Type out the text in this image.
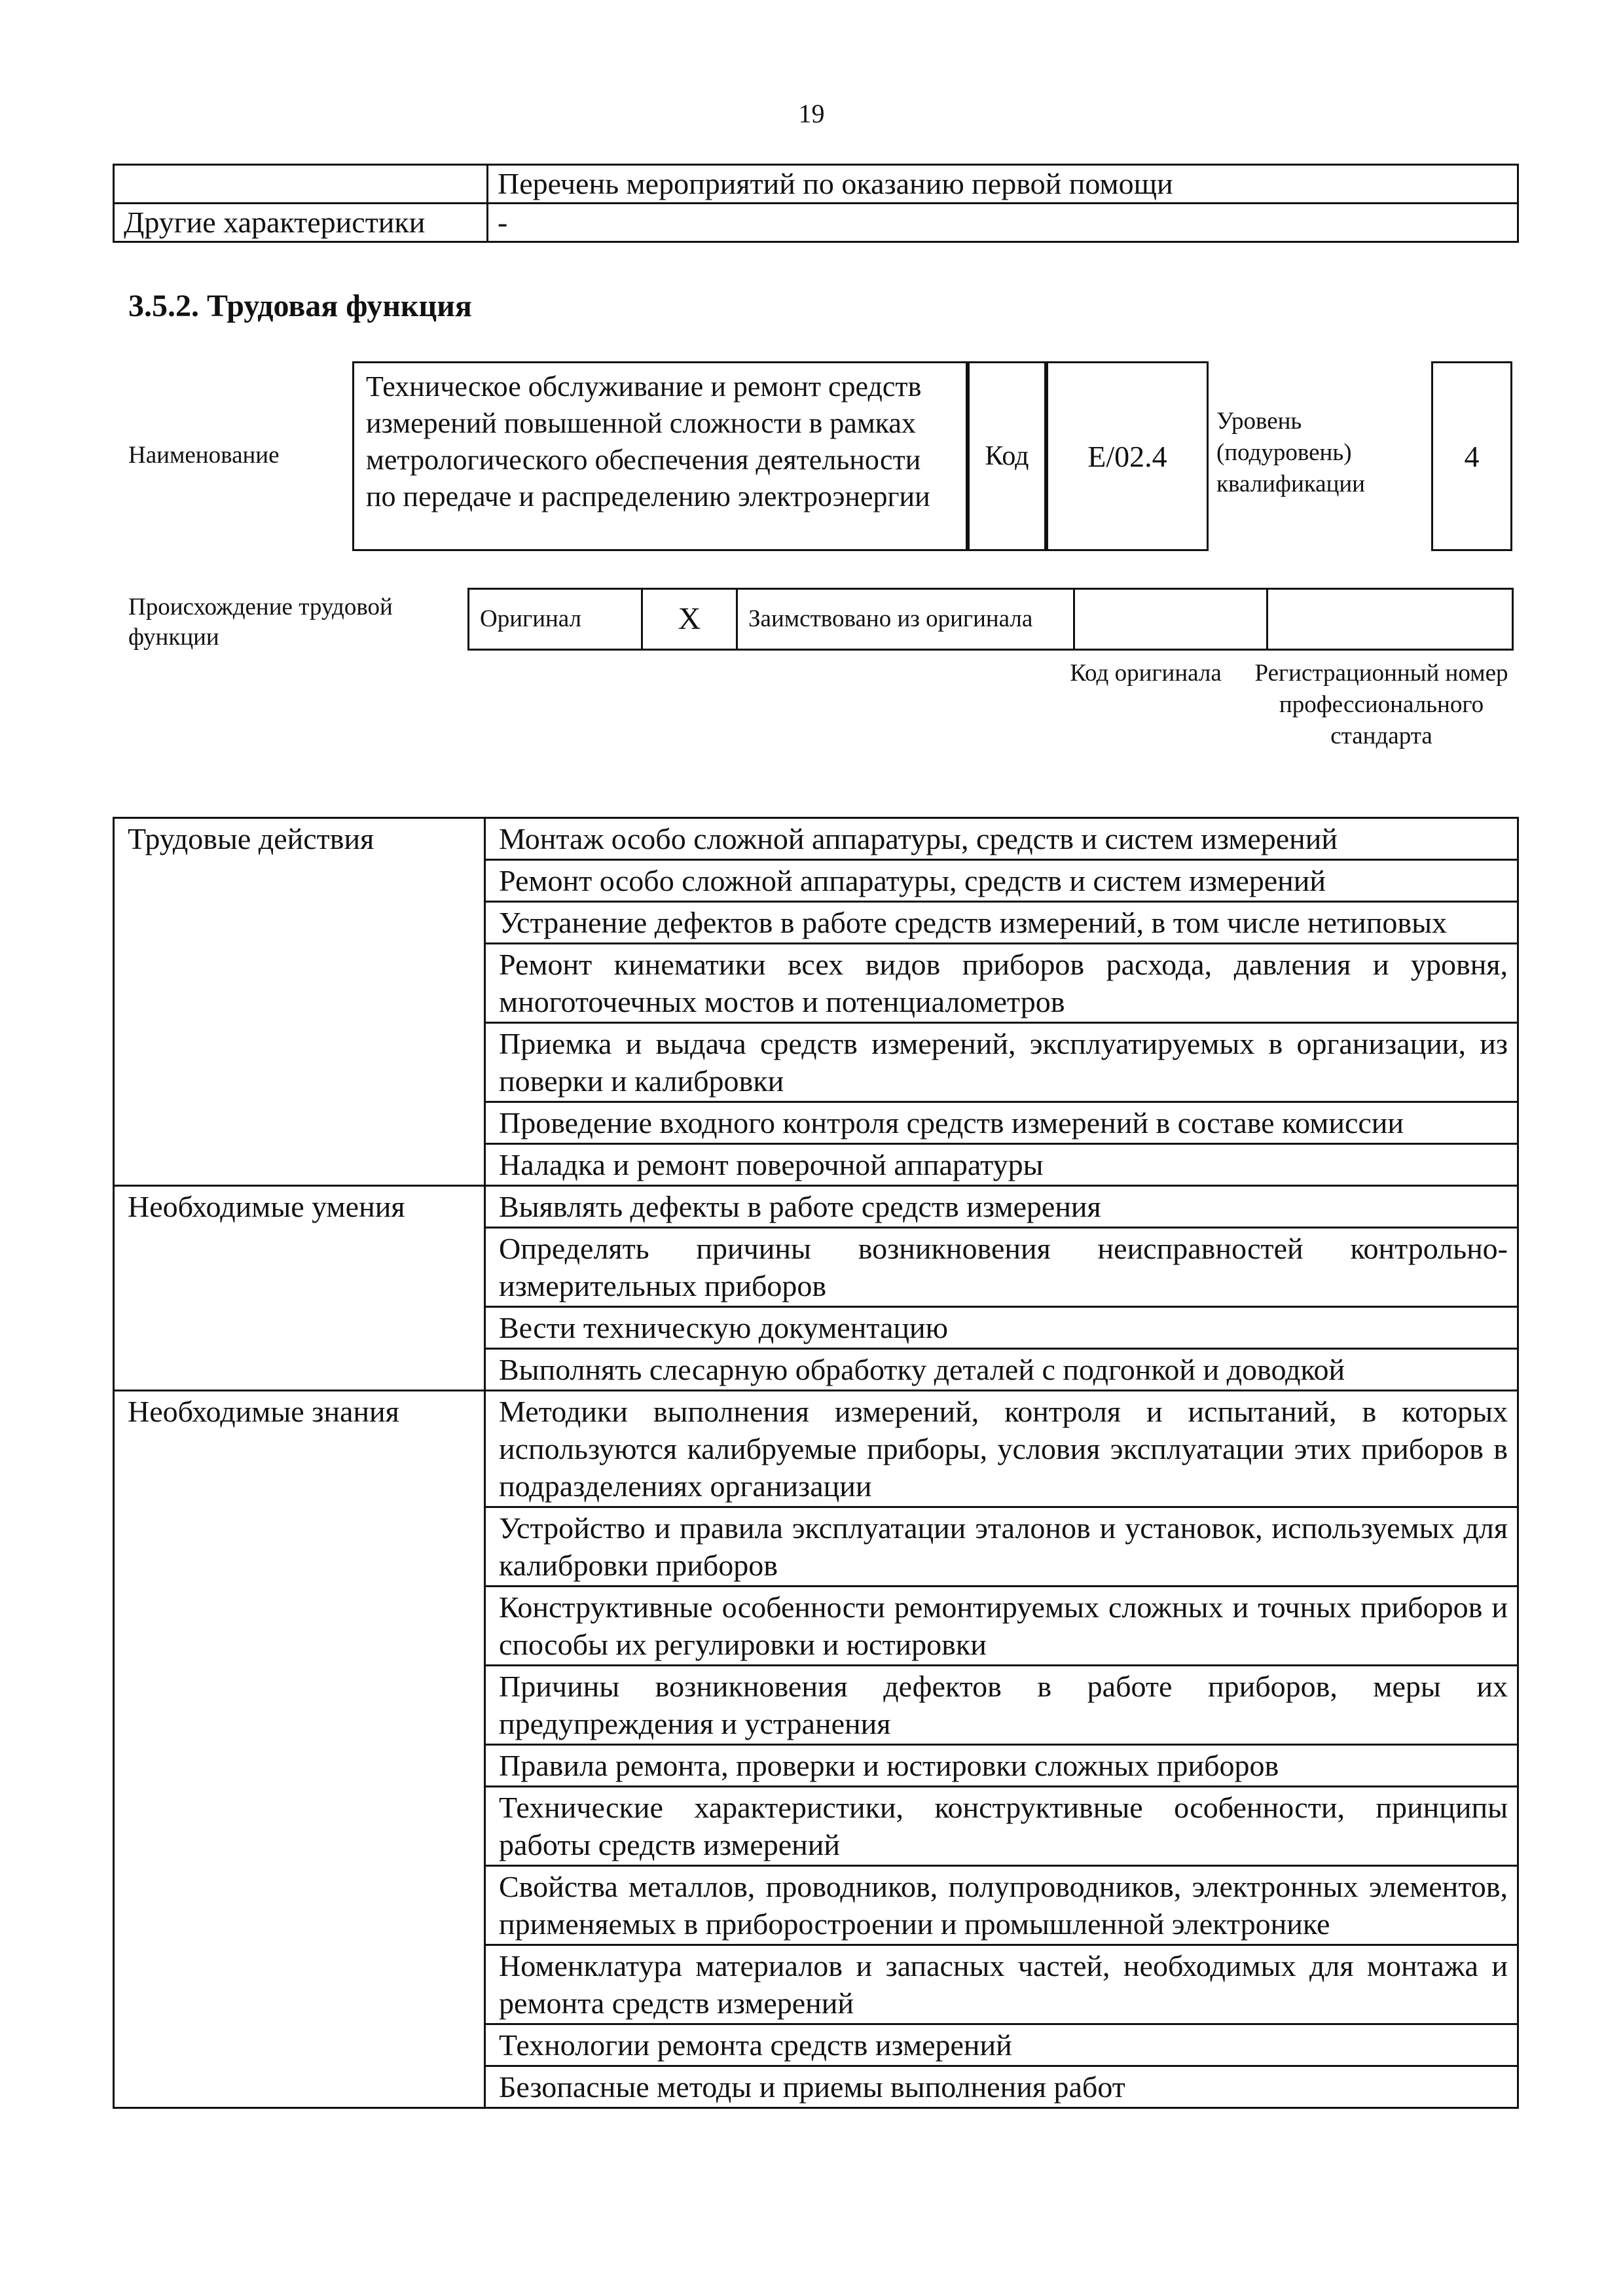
19
	Перечень мероприятий по оказанию первой помощи
Другие характеристики	-
3.5.2. Трудовая функция
Наименование
Техническое обслуживание и ремонт средств измерений повышенной сложности в рамках метрологического обеспечения деятельности по передаче и распределению электроэнергии
Код	E/02.4
Уровень (подуровень) квалификации
4
Происхождение трудовой функции
Оригинал	X	Заимствовано из оригинала		
Код оригинала	Регистрационный номер профессионального стандарта
Трудовые действия	Монтаж особо сложной аппаратуры, средств и систем измерений
	Ремонт особо сложной аппаратуры, средств и систем измерений
	Устранение дефектов в работе средств измерений, в том числе нетиповых
	Ремонт кинематики всех видов приборов расхода, давления и уровня, многоточечных мостов и потенциалометров
	Приемка и выдача средств измерений, эксплуатируемых в организации, из поверки и калибровки
	Проведение входного контроля средств измерений в составе комиссии
	Наладка и ремонт поверочной аппаратуры
Необходимые умения	Выявлять дефекты в работе средств измерения
	Определять причины возникновения неисправностей контрольно-измерительных приборов
	Вести техническую документацию
	Выполнять слесарную обработку деталей с подгонкой и доводкой
Необходимые знания	Методики выполнения измерений, контроля и испытаний, в которых используются калибруемые приборы, условия эксплуатации этих приборов в подразделениях организации
	Устройство и правила эксплуатации эталонов и установок, используемых для калибровки приборов
	Конструктивные особенности ремонтируемых сложных и точных приборов и способы их регулировки и юстировки
	Причины возникновения дефектов в работе приборов, меры их предупреждения и устранения
	Правила ремонта, проверки и юстировки сложных приборов
	Технические характеристики, конструктивные особенности, принципы работы средств измерений
	Свойства металлов, проводников, полупроводников, электронных элементов, применяемых в приборостроении и промышленной электронике
	Номенклатура материалов и запасных частей, необходимых для монтажа и ремонта средств измерений
	Технологии ремонта средств измерений
	Безопасные методы и приемы выполнения работ
